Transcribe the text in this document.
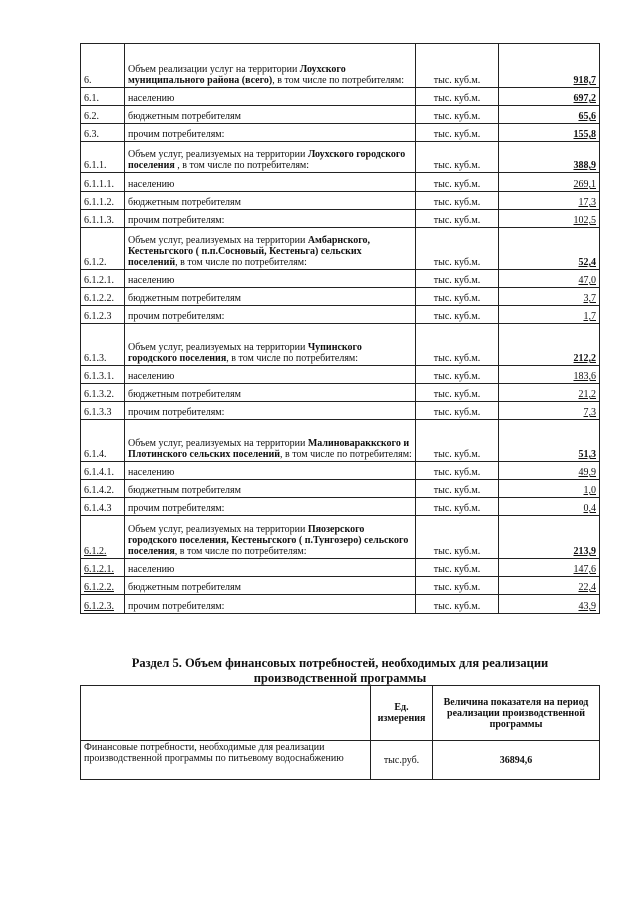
6.	Объем реализации услуг на территории Лоухского муниципального района (всего), в том числе по потребителям:	тыс. куб.м.	918,7
6.1.	населению	тыс. куб.м.	697,2
6.2.	бюджетным потребителям	тыс. куб.м.	65,6
6.3.	прочим потребителям:	тыс. куб.м.	155,8
6.1.1.	Объем услуг, реализуемых на территории Лоухского городского поселения , в том числе по потребителям:	тыс. куб.м.	388,9
6.1.1.1.	населению	тыс. куб.м.	269,1
6.1.1.2.	бюджетным потребителям	тыс. куб.м.	17,3
6.1.1.3.	прочим потребителям:	тыс. куб.м.	102,5
6.1.2.	Объем услуг, реализуемых на территории Амбарнского, Кестеньгского ( п.п.Сосновый, Кестеньга) сельских поселений, в том числе по потребителям:	тыс. куб.м.	52,4
6.1.2.1.	населению	тыс. куб.м.	47,0
6.1.2.2.	бюджетным потребителям	тыс. куб.м.	3,7
6.1.2.3	прочим потребителям:	тыс. куб.м.	1,7
6.1.3.	Объем услуг, реализуемых на территории Чупинского городского поселения, в том числе по потребителям:	тыс. куб.м.	212,2
6.1.3.1.	населению	тыс. куб.м.	183,6
6.1.3.2.	бюджетным потребителям	тыс. куб.м.	21,2
6.1.3.3	прочим потребителям:	тыс. куб.м.	7,3
6.1.4.	Объем услуг, реализуемых на территории Малиновараккского и Плотинского сельских поселений, в том числе по потребителям:	тыс. куб.м.	51,3
6.1.4.1.	населению	тыс. куб.м.	49,9
6.1.4.2.	бюджетным потребителям	тыс. куб.м.	1,0
6.1.4.3	прочим потребителям:	тыс. куб.м.	0,4
6.1.2.	Объем услуг, реализуемых на территории Пяозерского городского поселения, Кестеньгского ( п.Тунгозеро) сельского поселения, в том числе по потребителям:	тыс. куб.м.	213,9
6.1.2.1.	населению	тыс. куб.м.	147,6
6.1.2.2.	бюджетным потребителям	тыс. куб.м.	22,4
6.1.2.3.	прочим потребителям:	тыс. куб.м.	43,9
Раздел 5. Объем финансовых потребностей, необходимых для реализации производственной программы
	Ед. измерения	Величина показателя на период реализации производственной программы
Финансовые потребности, необходимые для реализации производственной программы по питьевому водоснабжению	тыс.руб.	36894,6
